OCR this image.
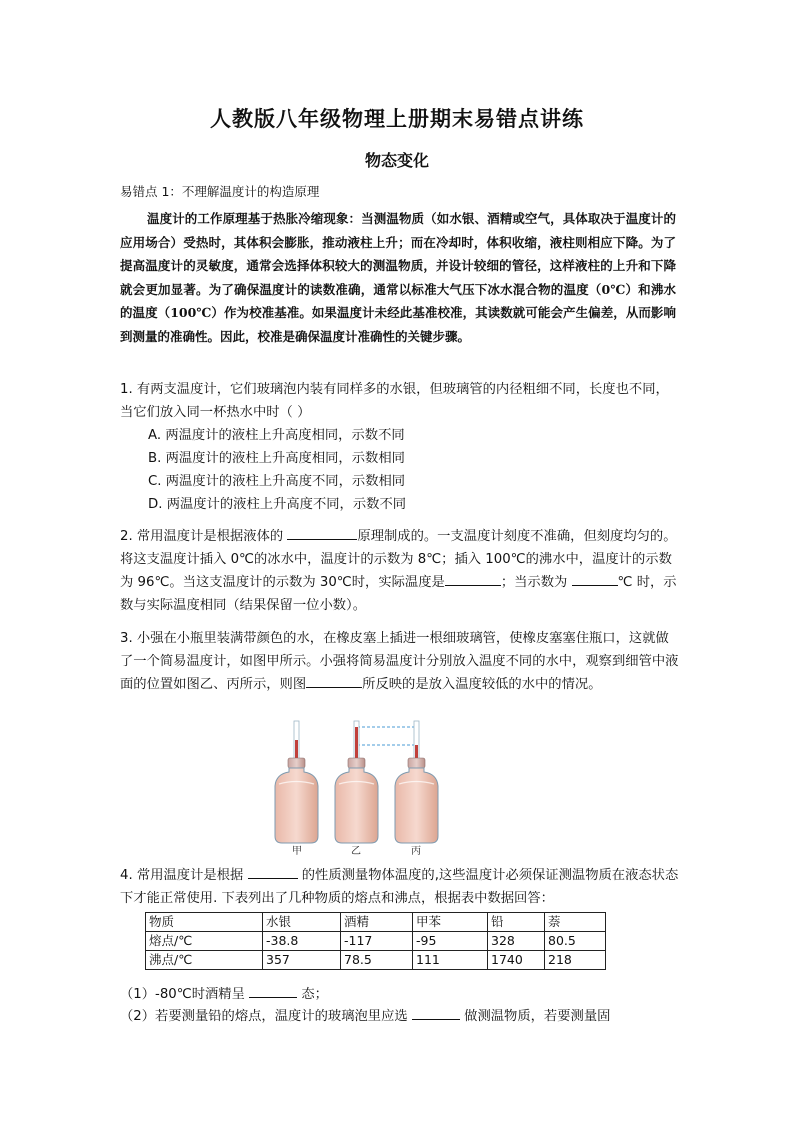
人教版八年级物理上册期末易错点讲练
物态变化
易错点 1：不理解温度计的构造原理
温度计的工作原理基于热胀冷缩现象：当测温物质（如水银、酒精或空气，具体取决于温度计的应用场合）受热时，其体积会膨胀，推动液柱上升；而在冷却时，体积收缩，液柱则相应下降。为了提高温度计的灵敏度，通常会选择体积较大的测温物质，并设计较细的管径，这样液柱的上升和下降就会更加显著。为了确保温度计的读数准确，通常以标准大气压下冰水混合物的温度（0℃）和沸水的温度（100℃）作为校准基准。如果温度计未经此基准校准，其读数就可能会产生偏差，从而影响到测量的准确性。因此，校准是确保温度计准确性的关键步骤。
1. 有两支温度计，它们玻璃泡内装有同样多的水银，但玻璃管的内径粗细不同，长度也不同，当它们放入同一杯热水中时（ ）
A. 两温度计的液柱上升高度相同，示数不同
B. 两温度计的液柱上升高度相同，示数相同
C. 两温度计的液柱上升高度不同，示数相同
D. 两温度计的液柱上升高度不同，示数不同
2. 常用温度计是根据液体的	原理制成的。一支温度计刻度不准确，但刻度均匀的。将这支温度计插入 0℃的冰水中，温度计的示数为 8℃；插入 100℃的沸水中，温度计的示数为 96℃。当这支温度计的示数为 30℃时，实际温度是	；当示数为	℃ 时，示数与实际温度相同（结果保留一位小数）。
3. 小强在小瓶里装满带颜色的水，在橡皮塞上插进一根细玻璃管，使橡皮塞塞住瓶口，这就做了一个简易温度计，如图甲所示。小强将简易温度计分别放入温度不同的水中，观察到细管中液面的位置如图乙、丙所示，则图	所反映的是放入温度较低的水中的情况。
甲	乙	丙
4. 常用温度计是根据	的性质测量物体温度的,这些温度计必须保证测温物质在液态状态下才能正常使用. 下表列出了几种物质的熔点和沸点，根据表中数据回答：
物质	水银	酒精	甲苯	铅	萘
熔点/℃	-38.8	-117	-95	328	80.5
沸点/℃	357	78.5	111	1740	218
（1）-80℃时酒精呈	态；
（2）若要测量铅的熔点，温度计的玻璃泡里应选	做测温物质，若要测量固
